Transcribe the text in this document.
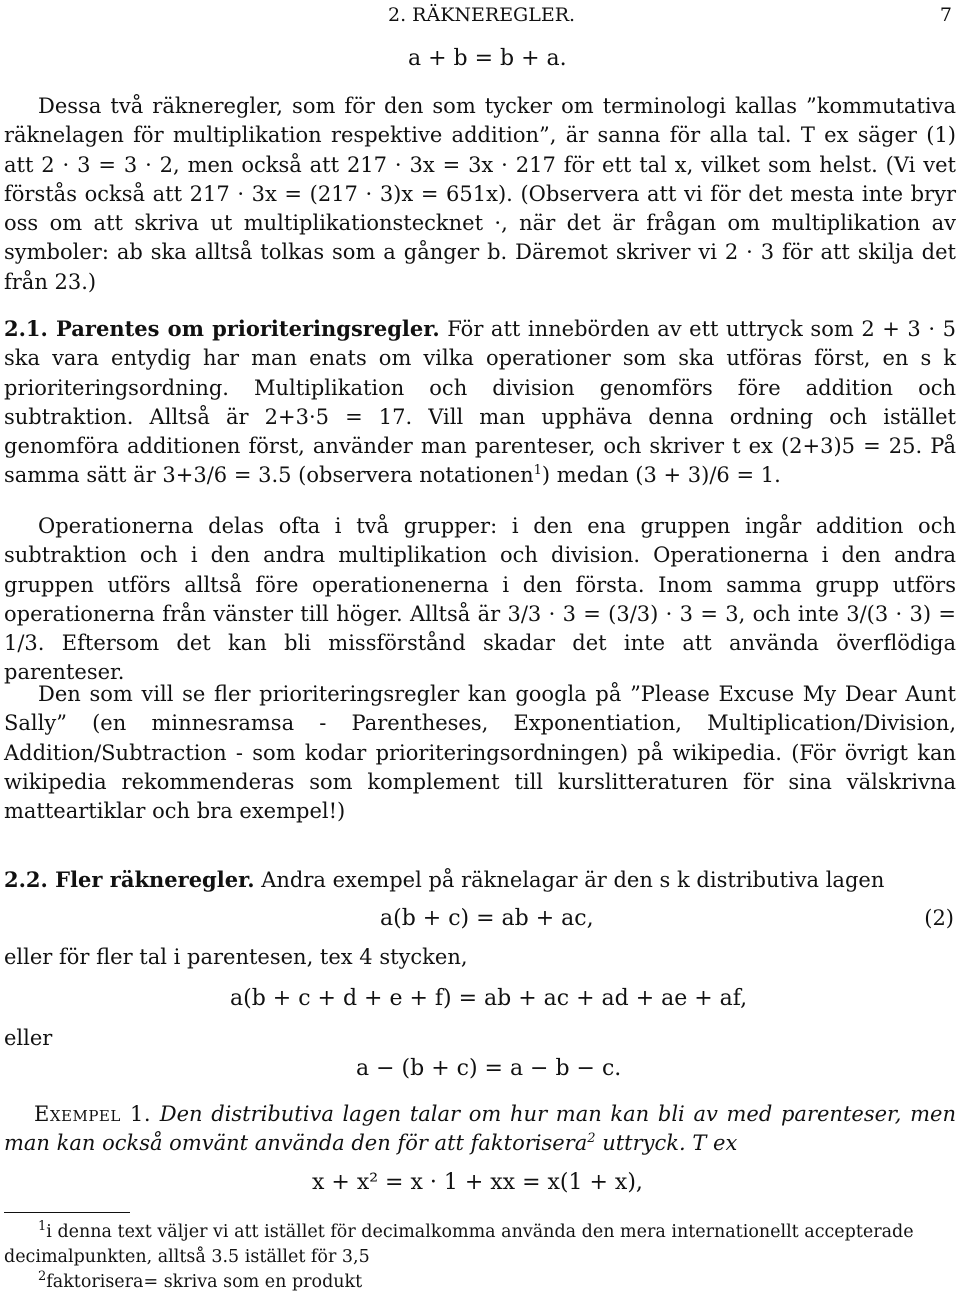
2. RÄKNEREGLER.	7
a + b = b + a.

Dessa två räkneregler, som för den som tycker om terminologi kallas ”kommutativa räknelagen för multiplikation respektive addition”, är sanna för alla tal. T ex säger (1) att 2 · 3 = 3 · 2, men också att 217 · 3x = 3x · 217 för ett tal x, vilket som helst. (Vi vet förstås också att 217 · 3x = (217 · 3)x = 651x). (Observera att vi för det mesta inte bryr oss om att skriva ut multiplikationstecknet ·, när det är frågan om multiplikation av symboler: ab ska alltså tolkas som a gånger b. Däremot skriver vi 2 · 3 för att skilja det från 23.)

2.1. Parentes om prioriteringsregler. För att innebörden av ett uttryck som 2 + 3 · 5 ska vara entydig har man enats om vilka operationer som ska utföras först, en s k prioriteringsordning. Multiplikation och division genomförs före addition och subtraktion. Alltså är 2+3·5 = 17. Vill man upphäva denna ordning och istället genomföra additionen först, använder man parenteser, och skriver t ex (2+3)5 = 25. På samma sätt är 3+3/6 = 3.5 (observera notationen$^1$) medan (3 + 3)/6 = 1.

Operationerna delas ofta i två grupper: i den ena gruppen ingår addition och subtraktion och i den andra multiplikation och division. Operationerna i den andra gruppen utförs alltså före operationenerna i den första. Inom samma grupp utförs operationerna från vänster till höger. Alltså är 3/3 · 3 = (3/3) · 3 = 3, och inte 3/(3 · 3) = 1/3. Eftersom det kan bli missförstånd skadar det inte att använda överflödiga parenteser.

Den som vill se fler prioriteringsregler kan googla på ”Please Excuse My Dear Aunt Sally” (en minnesramsa - Parentheses, Exponentiation, Multiplication/Division, Addition/Subtraction - som kodar prioriteringsordningen) på wikipedia. (För övrigt kan wikipedia rekommenderas som komplement till kurslitteraturen för sina välskrivna matteartiklar och bra exempel!)

2.2. Fler räkneregler. Andra exempel på räknelagar är den s k distributiva lagen

a(b + c) = ab + ac,	(2)
eller för fler tal i parentesen, tex 4 stycken,
a(b + c + d + e + f) = ab + ac + ad + ae + af,
eller
a − (b + c) = a − b − c.

Exempel 1. Den distributiva lagen talar om hur man kan bli av med parenteser, men man kan också omvänt använda den för att faktorisera$^2$ uttryck. T ex

x + x² = x · 1 + xx = x(1 + x),
$^1$i denna text väljer vi att istället för decimalkomma använda den mera internationellt accepterade decimalpunkten, alltså 3.5 istället för 3,5
$^2$faktorisera= skriva som en produkt
